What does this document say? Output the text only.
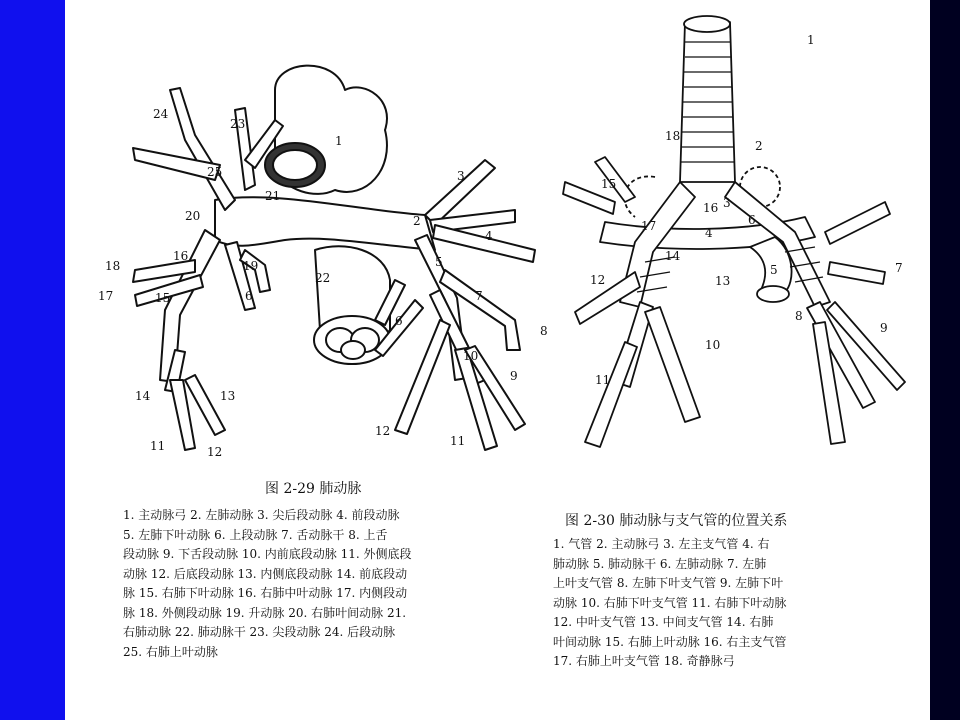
1
2
3
4
5
6
6
7
8
9
10
11	11
12
12
13
14
15
16
17
18	19
20
21
22
23
24
25
1
2
3
4
5
6
7
8
9
10
11
12	13
14
15
16
17
18
图 2-29 肺动脉
1. 主动脉弓 2. 左肺动脉 3. 尖后段动脉 4. 前段动脉
5. 左肺下叶动脉 6. 上段动脉 7. 舌动脉干 8. 上舌
段动脉 9. 下舌段动脉 10. 内前底段动脉 11. 外侧底段
动脉 12. 后底段动脉 13. 内侧底段动脉 14. 前底段动
脉 15. 右肺下叶动脉 16. 右肺中叶动脉 17. 内侧段动
脉 18. 外侧段动脉 19. 升动脉 20. 右肺叶间动脉 21.
右肺动脉 22. 肺动脉干 23. 尖段动脉 24. 后段动脉
25. 右肺上叶动脉
图 2-30 肺动脉与支气管的位置关系
1. 气管 2. 主动脉弓 3. 左主支气管 4. 右
肺动脉 5. 肺动脉干 6. 左肺动脉 7. 左肺
上叶支气管 8. 左肺下叶支气管 9. 左肺下叶
动脉 10. 右肺下叶支气管 11. 右肺下叶动脉
12. 中叶支气管 13. 中间支气管 14. 右肺
叶间动脉 15. 右肺上叶动脉 16. 右主支气管
17. 右肺上叶支气管 18. 奇静脉弓
